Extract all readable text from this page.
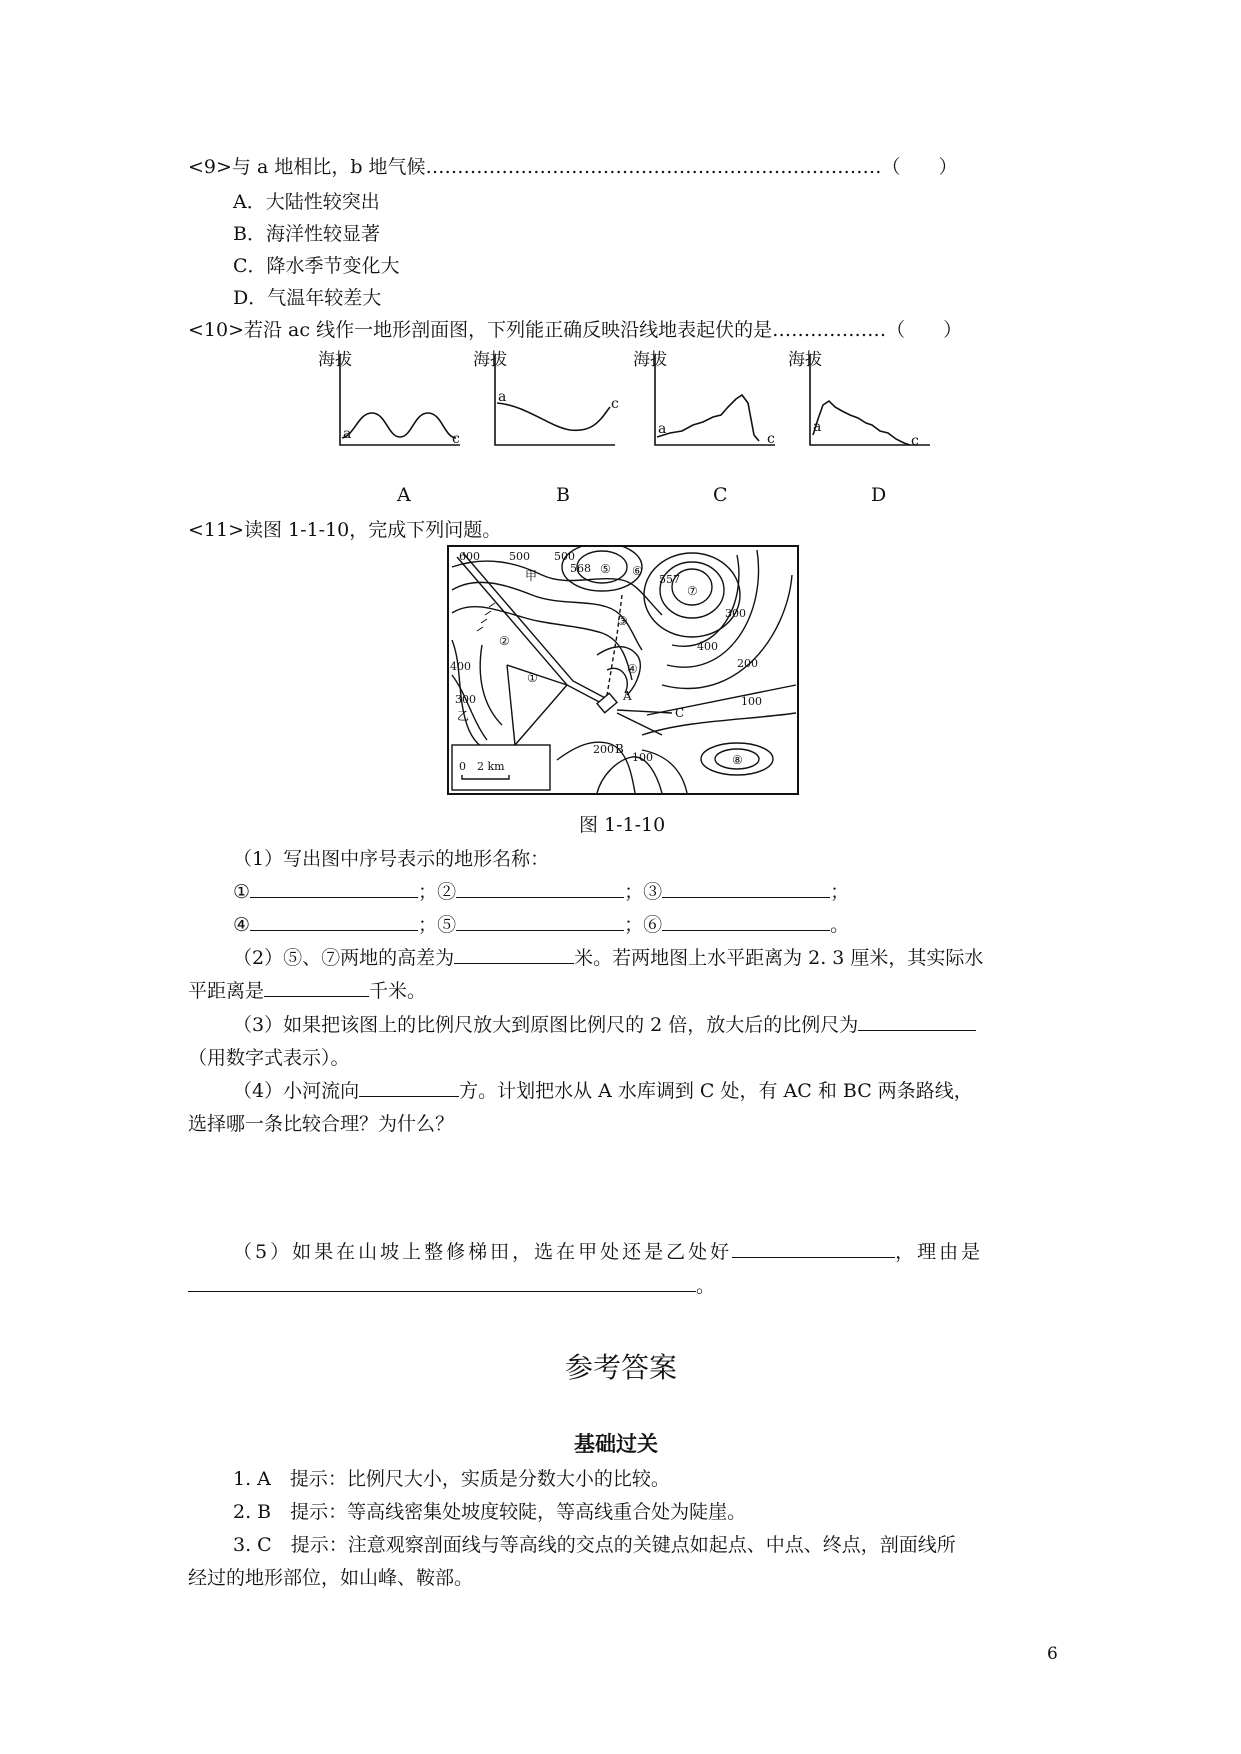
<9>与 a 地相比，b 地气候………………………………………………………………（　　）
A．大陆性较突出
B．海洋性较显著
C．降水季节变化大
D．气温年较差大
<10>若沿 ac 线作一地形剖面图，下列能正确反映沿线地表起伏的是………………（　　）
海拔	海拔	海拔	海拔
a	c
a	c
a
c
a
c
A	B	C	D
<11>读图 1-1-10，完成下列问题。
600	500 500
400
300
200
400
300
200
100
100
568
557
0　2 km
甲
乙
A
B
C
①
②
③
④
⑤ ⑥
⑦
⑧
图 1-1-10
（1）写出图中序号表示的地形名称：
①	；②	；③	；
④	；⑤	；⑥	。
（2）⑤、⑦两地的高差为	米。若两地图上水平距离为 2. 3 厘米，其实际水
平距离是	千米。
（3）如果把该图上的比例尺放大到原图比例尺的 2 倍，放大后的比例尺为
（用数字式表示）。
（4）小河流向	方。计划把水从 A 水库调到 C 处，有 AC 和 BC 两条路线，
选择哪一条比较合理？为什么？
（5）如果在山坡上整修梯田，选在甲处还是乙处好	，理由是
。
参考答案
基础过关
1. A　提示：比例尺大小，实质是分数大小的比较。
2. B　提示：等高线密集处坡度较陡，等高线重合处为陡崖。
3. C　提示：注意观察剖面线与等高线的交点的关键点如起点、中点、终点，剖面线所
经过的地形部位，如山峰、鞍部。
6
